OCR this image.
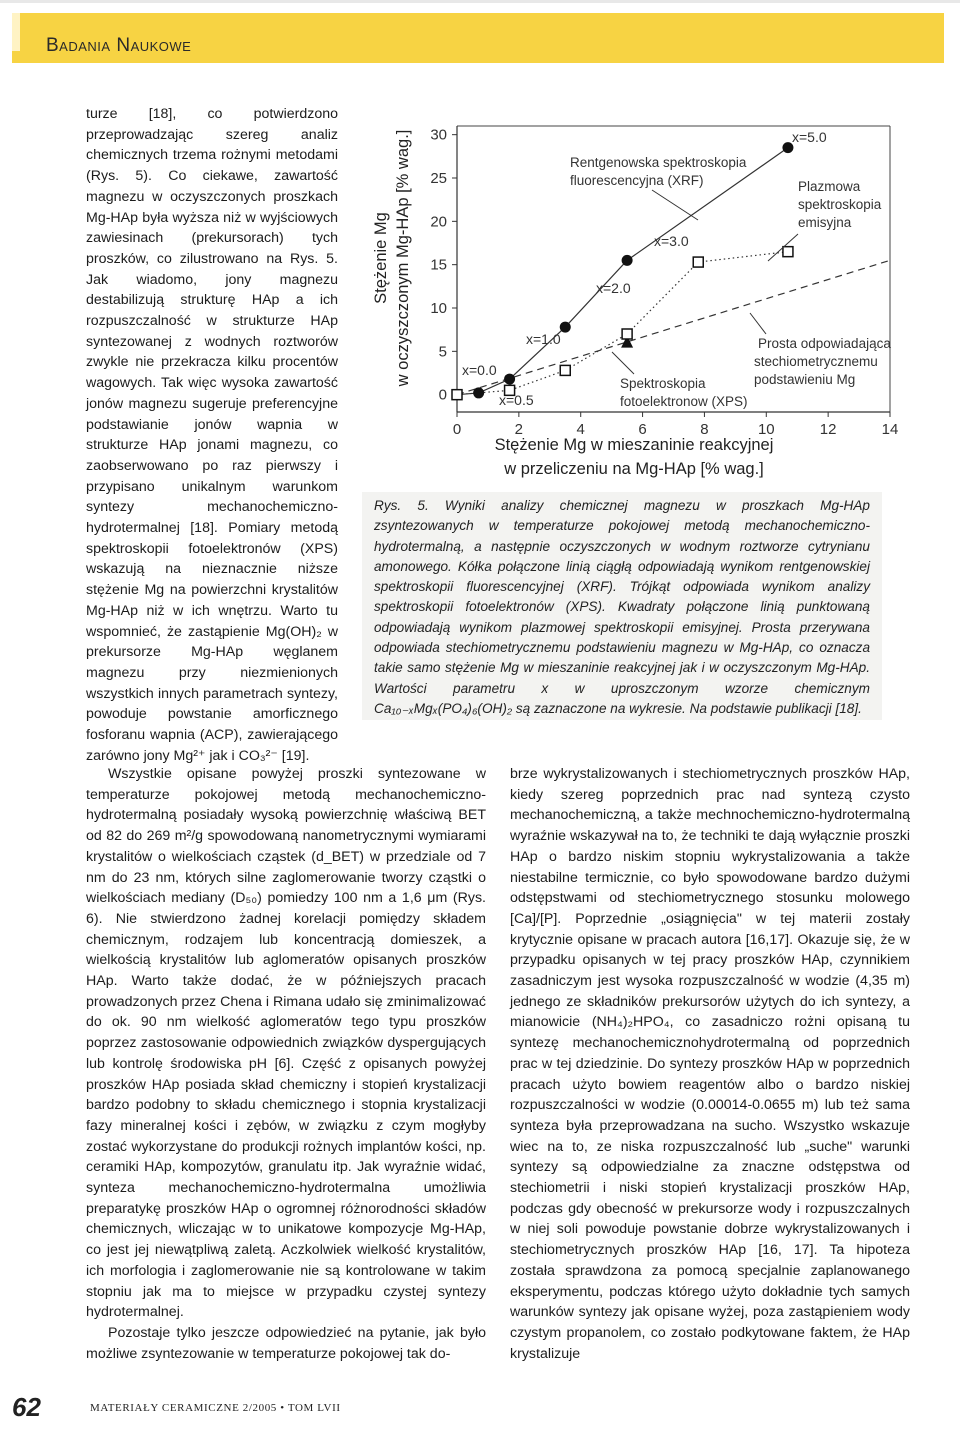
Badania Naukowe

turze [18], co potwierdzono przeprowadzając szereg analiz chemicznych trzema rożnymi metodami (Rys. 5). Co ciekawe, zawartość magnezu w oczyszczonych proszkach Mg-HAp była wyższa niż w wyjściowych zawiesinach (prekursorach) tych proszków, co zilustrowano na Rys. 5. Jak wiadomo, jony magnezu destabilizują strukturę HAp a ich rozpuszczalność w strukturze HAp syntezowanej z wodnych roztworów zwykle nie przekracza kilku procentów wagowych. Tak więc wysoka zawartość jonów magnezu sugeruje preferencyjne podstawianie jonów wapnia w strukturze HAp jonami magnezu, co zaobserwowano po raz pierwszy i przypisano unikalnym warunkom syntezy mechanochemiczno-hydrotermalnej [18]. Pomiary metodą spektroskopii fotoelektronów (XPS) wskazują na nieznacznie niższe stężenie Mg na powierzchni krystalitów Mg-HAp niż w ich wnętrzu. Warto tu wspomnieć, że zastąpienie Mg(OH)₂ w prekursorze Mg-HAp węglanem magnezu przy niezmienionych wszystkich innych parametrach syntezy, powoduje powstanie amorficznego fosforanu wapnia (ACP), zawierającego zarówno jony Mg²⁺ jak i CO₃²⁻ [19].

0
5
10
15
20
25
30
0	2	4	6	8	10	12	14
Stężenie Mg w mieszaninie reakcyjnej
w przeliczeniu na Mg-HAp [% wag.]
Stężenie Mg w oczyszczonym Mg-HAp [% wag.]	Rentgenowska spektroskopia
fluorescencyjna (XRF)	Plazmowa
spektroskopia
emisyjna
Spektroskopia
fotoelektronow (XPS)
Prosta odpowiadająca
stechiometrycznemu
podstawieniu Mg
x=0.0
x=0.5
x=1.0
x=2.0
x=3.0
x=5.0

Rys. 5. Wyniki analizy chemicznej magnezu w proszkach Mg-HAp zsyntezowanych w temperaturze pokojowej metodą mechanochemiczno-hydrotermalną, a następnie oczyszczonych w wodnym roztworze cytrynianu amonowego. Kółka połączone linią ciągłą odpowiadają wynikom rentgenowskiej spektroskopii fluorescencyjnej (XRF). Trójkąt odpowiada wynikom analizy spektroskopii fotoelektronów (XPS). Kwadraty połączone linią punktowaną odpowiadają wynikom plazmowej spektroskopii emisyjnej. Prosta przerywana odpowiada stechiometrycznemu podstawieniu magnezu w Mg-HAp, co oznacza takie samo stężenie Mg w mieszaninie reakcyjnej jak i w oczyszczonym Mg-HAp. Wartości parametru x w uproszczonym wzorze chemicznym Ca₁₀₋ₓMgₓ(PO₄)₆(OH)₂ są zaznaczone na wykresie. Na podstawie publikacji [18].

Wszystkie opisane powyżej proszki syntezowane w temperaturze pokojowej metodą mechanochemiczno-hydrotermalną posiadały wysoką powierzchnię właściwą BET od 82 do 269 m²/g spowodowaną nanometrycznymi wymiarami krystalitów o wielkościach cząstek (d_BET) w przedziale od 7 nm do 23 nm, których silne zaglomerowanie tworzy cząstki o wielkościach mediany (D₅₀) pomiedzy 100 nm a 1,6 μm (Rys. 6). Nie stwierdzono żadnej korelacji pomiędzy składem chemicznym, rodzajem lub koncentracją domieszek, a wielkością krystalitów lub aglomeratów opisanych proszków HAp. Warto także dodać, że w późniejszych pracach prowadzonych przez Chena i Rimana udało się zminimalizować do ok. 90 nm wielkość aglomeratów tego typu proszków poprzez zastosowanie odpowiednich związków dyspergujących lub kontrolę środowiska pH [6]. Część z opisanych powyżej proszków HAp posiada skład chemiczny i stopień krystalizacji bardzo podobny to składu chemicznego i stopnia krystalizacji fazy mineralnej kości i zębów, w związku z czym mogłyby zostać wykorzystane do produkcji rożnych implantów kości, np. ceramiki HAp, kompozytów, granulatu itp. Jak wyraźnie widać, synteza mechanochemiczno-hydrotermalna umożliwia preparatykę proszków HAp o ogromnej różnorodności składów chemicznych, wliczając w to unikatowe kompozycje Mg-HAp, co jest jej niewątpliwą zaletą. Aczkolwiek wielkość krystalitów, ich morfologia i zaglomerowanie nie są kontrolowane w takim stopniu jak ma to miejsce w przypadku czystej syntezy hydrotermalnej.

Pozostaje tylko jeszcze odpowiedzieć na pytanie, jak było możliwe zsyntezowanie w temperaturze pokojowej tak do-

brze wykrystalizowanych i stechiometrycznych proszków HAp, kiedy szereg poprzednich prac nad syntezą czysto mechanochemiczną, a także mechnochemiczno-hydrotermalną wyraźnie wskazywał na to, że techniki te dają wyłącznie proszki HAp o bardzo niskim stopniu wykrystalizowania a także niestabilne termicznie, co było spowodowane bardzo dużymi odstępstwami od stechiometrycznego stosunku molowego [Ca]/[P]. Poprzednie „osiągnięcia" w tej materii zostały krytycznie opisane w pracach autora [16,17]. Okazuje się, że w przypadku opisanych w tej pracy proszków HAp, czynnikiem zasadniczym jest wysoka rozpuszczalność w wodzie (4,35 m) jednego ze składników prekursorów użytych do ich syntezy, a mianowicie (NH₄)₂HPO₄, co zasadniczo rożni opisaną tu syntezę mechanochemicznohydrotermalną od poprzednich prac w tej dziedzinie. Do syntezy proszków HAp w poprzednich pracach użyto bowiem reagentów albo o bardzo niskiej rozpuszczalności w wodzie (0.00014-0.0655 m) lub też sama synteza była przeprowadzana na sucho. Wszystko wskazuje wiec na to, ze niska rozpuszczalność lub „suche" warunki syntezy są odpowiedzialne za znaczne odstępstwa od stechiometrii i niski stopień krystalizacji proszków HAp, podczas gdy obecność w prekursorze wody i rozpuszczalnych w niej soli powoduje powstanie dobrze wykrystalizowanych i stechiometrycznych proszków HAp [16, 17]. Ta hipoteza została sprawdzona za pomocą specjalnie zaplanowanego eksperymentu, podczas którego użyto dokładnie tych samych warunków syntezy jak opisane wyżej, poza zastąpieniem wody czystym propanolem, co zostało podkytowane faktem, że HAp krystalizuje

62	MATERIAŁY CERAMICZNE 2/2005 • TOM LVII
